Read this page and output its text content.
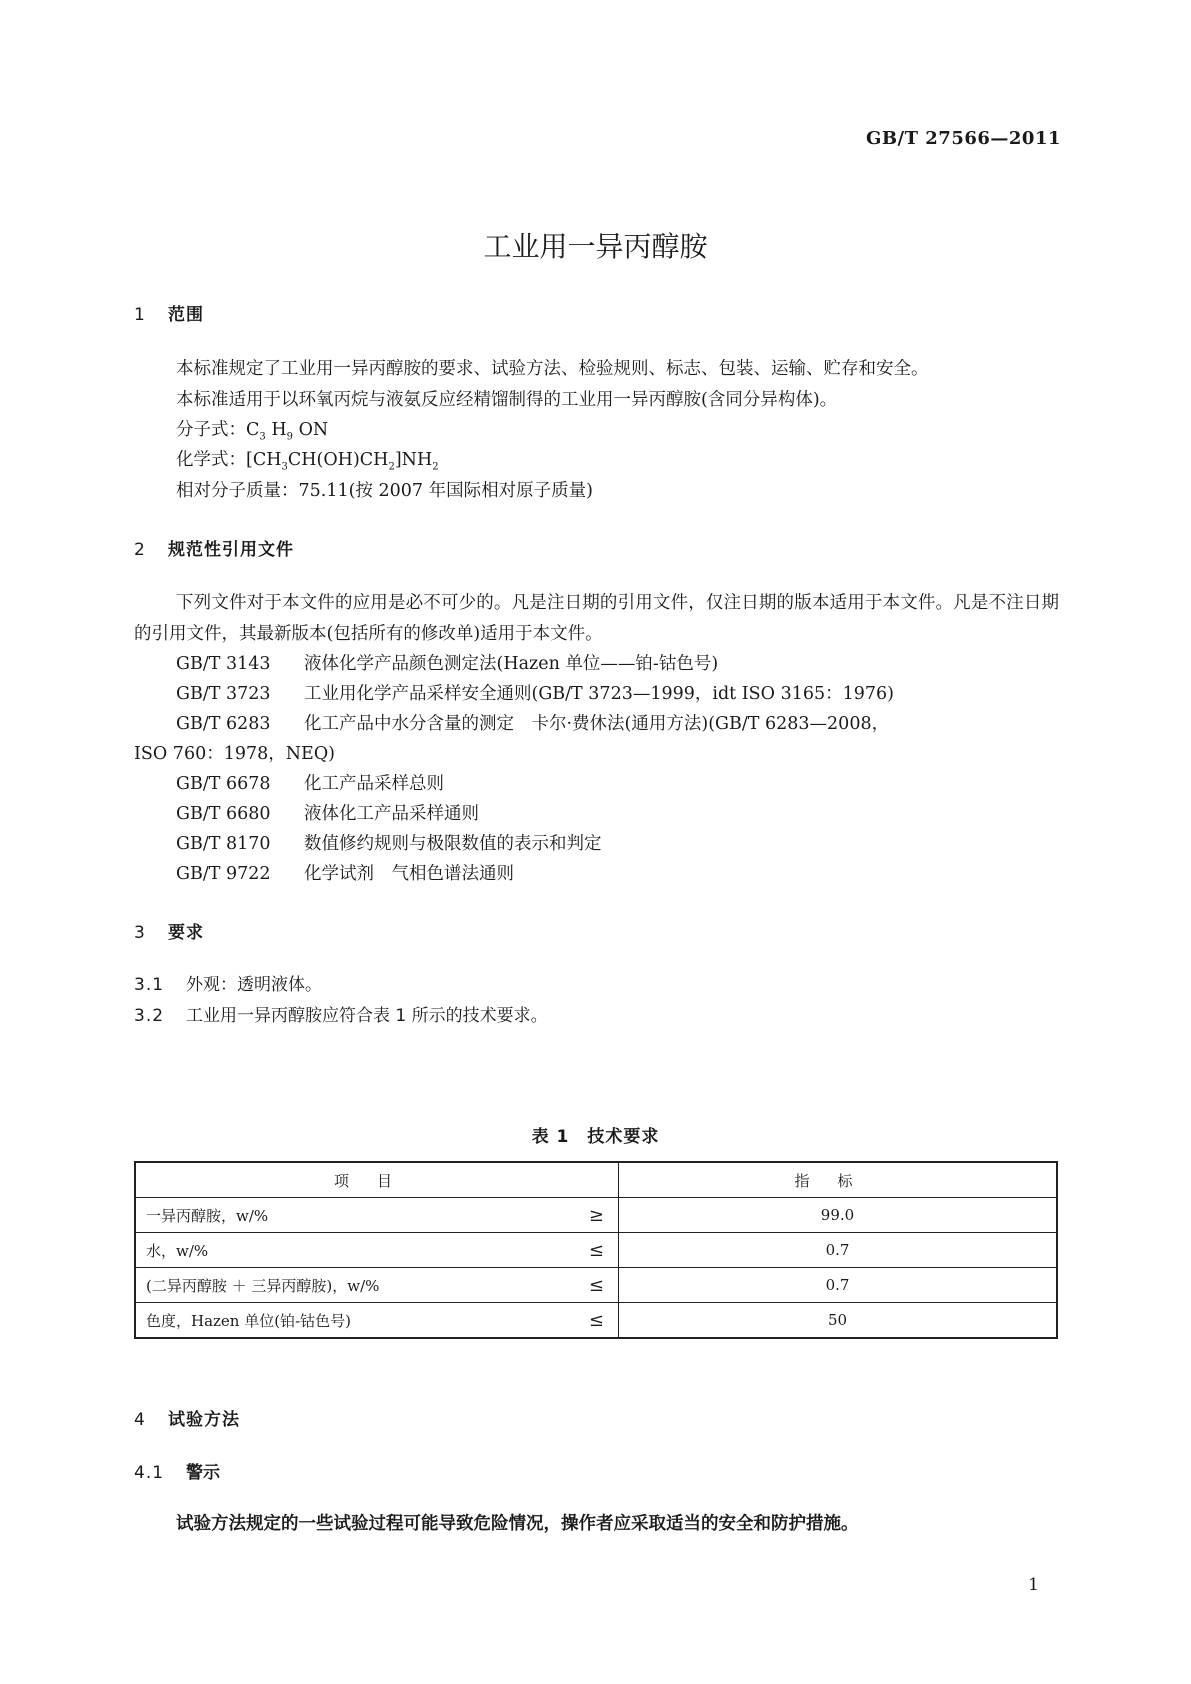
GB/T 27566—2011
工业用一异丙醇胺
1 范围
本标准规定了工业用一异丙醇胺的要求、试验方法、检验规则、标志、包装、运输、贮存和安全。
本标准适用于以环氧丙烷与液氨反应经精馏制得的工业用一异丙醇胺(含同分异构体)。
分子式：$C_3$ $H_9$ ON
化学式：$[CH_3CH(OH)CH_2]NH_2$
相对分子质量：75.11(按 2007 年国际相对原子质量)
2 规范性引用文件
下列文件对于本文件的应用是必不可少的。凡是注日期的引用文件，仅注日期的版本适用于本文件。凡是不注日期的引用文件，其最新版本(包括所有的修改单)适用于本文件。
GB/T 3143 液体化学产品颜色测定法(Hazen 单位——铂-钴色号)
GB/T 3723 工业用化学产品采样安全通则(GB/T 3723—1999，idt ISO 3165：1976)
GB/T 6283 化工产品中水分含量的测定　卡尔·费休法(通用方法)(GB/T 6283—2008，
ISO 760：1978，NEQ)
GB/T 6678 化工产品采样总则
GB/T 6680 液体化工产品采样通则
GB/T 8170 数值修约规则与极限数值的表示和判定
GB/T 9722 化学试剂　气相色谱法通则
3 要求
3.1 外观：透明液体。
3.2 工业用一异丙醇胺应符合表 1 所示的技术要求。
表 1　技术要求
项目		指标
一异丙醇胺，w/%	≥	99.0
水，w/%	≤	0.7
(二异丙醇胺 ＋ 三异丙醇胺)，w/%	≤	0.7
色度，Hazen 单位(铂-钴色号)	≤	50
4 试验方法
4.1 警示
试验方法规定的一些试验过程可能导致危险情况，操作者应采取适当的安全和防护措施。
1
